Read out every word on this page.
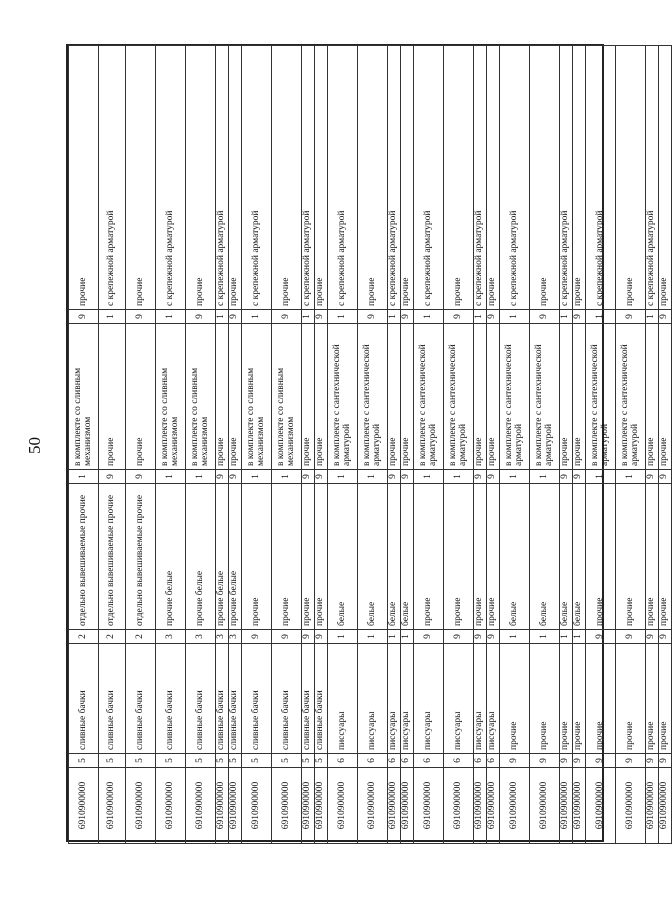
50
6910900000	5	сливные бачки	2	отдельно вывешиваемые прочие	1	в комплекте со сливным механизмом	9	прочие
6910900000	5	сливные бачки	2	отдельно вывешиваемые прочие	9	прочие	1	с крепежной арматурой
6910900000	5	сливные бачки	2	отдельно вывешиваемые прочие	9	прочие	9	прочие
6910900000	5	сливные бачки	3	прочие белые	1	в комплекте со сливным механизмом	1	с крепежной арматурой
6910900000	5	сливные бачки	3	прочие белые	1	в комплекте со сливным механизмом	9	прочие
6910900000	5	сливные бачки	3	прочие белые	9	прочие	1	с крепежной арматурой
6910900000	5	сливные бачки	3	прочие белые	9	прочие	9	прочие
6910900000	5	сливные бачки	9	прочие	1	в комплекте со сливным механизмом	1	с крепежной арматурой
6910900000	5	сливные бачки	9	прочие	1	в комплекте со сливным механизмом	9	прочие
6910900000	5	сливные бачки	9	прочие	9	прочие	1	с крепежной арматурой
6910900000	5	сливные бачки	9	прочие	9	прочие	9	прочие
6910900000	6	писсуары	1	белые	1	в комплекте с сантехнической арматурой	1	с крепежной арматурой
6910900000	6	писсуары	1	белые	1	в комплекте с сантехнической арматурой	9	прочие
6910900000	6	писсуары	1	белые	9	прочие	1	с крепежной арматурой
6910900000	6	писсуары	1	белые	9	прочие	9	прочие
6910900000	6	писсуары	9	прочие	1	в комплекте с сантехнической арматурой	1	с крепежной арматурой
6910900000	6	писсуары	9	прочие	1	в комплекте с сантехнической арматурой	9	прочие
6910900000	6	писсуары	9	прочие	9	прочие	1	с крепежной арматурой
6910900000	6	писсуары	9	прочие	9	прочие	9	прочие
6910900000	9	прочие	1	белые	1	в комплекте с сантехнической арматурой	1	с крепежной арматурой
6910900000	9	прочие	1	белые	1	в комплекте с сантехнической арматурой	9	прочие
6910900000	9	прочие	1	белые	9	прочие	1	с крепежной арматурой
6910900000	9	прочие	1	белые	9	прочие	9	прочие
6910900000	9	прочие	9	прочие	1	в комплекте с сантехнической арматурой	1	с крепежной арматурой
6910900000	9	прочие	9	прочие	1	в комплекте с сантехнической арматурой	9	прочие
6910900000	9	прочие	9	прочие	9	прочие	1	с крепежной арматурой
6910900000	9	прочие	9	прочие	9	прочие	9	прочие
